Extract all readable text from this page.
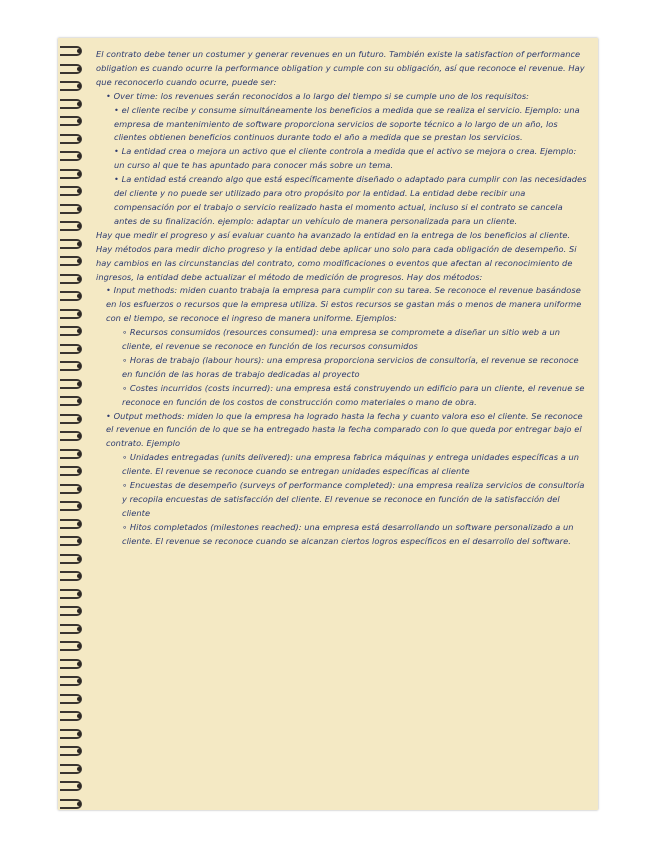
El contrato debe tener un costumer y generar revenues en un futuro. También existe la satisfaction of performance obligation es cuando ocurre la performance obligation y cumple con su obligación, así que reconoce el revenue. Hay que reconocerlo cuando ocurre, puede ser:

• Over time: los revenues serán reconocidos a lo largo del tiempo si se cumple uno de los requisitos:

• el cliente recibe y consume simultáneamente los beneficios a medida que se realiza el servicio. Ejemplo: una empresa de mantenimiento de software proporciona servicios de soporte técnico a lo largo de un año, los clientes obtienen beneficios continuos durante todo el año a medida que se prestan los servicios.

• La entidad crea o mejora un activo que el cliente controla a medida que el activo se mejora o crea. Ejemplo: un curso al que te has apuntado para conocer más sobre un tema.

• La entidad está creando algo que está específicamente diseñado o adaptado para cumplir con las necesidades del cliente y no puede ser utilizado para otro propósito por la entidad. La entidad debe recibir una compensación por el trabajo o servicio realizado hasta el momento actual, incluso si el contrato se cancela antes de su finalización. ejemplo: adaptar un vehículo de manera personalizada para un cliente.

Hay que medir el progreso y así evaluar cuanto ha avanzado la entidad en la entrega de los beneficios al cliente. Hay métodos para medir dicho progreso y la entidad debe aplicar uno solo para cada obligación de desempeño. Si hay cambios en las circunstancias del contrato, como modificaciones o eventos que afectan al reconocimiento de ingresos, la entidad debe actualizar el método de medición de progresos. Hay dos métodos:

• Input methods: miden cuanto trabaja la empresa para cumplir con su tarea. Se reconoce el revenue basándose en los esfuerzos o recursos que la empresa utiliza. Si estos recursos se gastan más o menos de manera uniforme con el tiempo, se reconoce el ingreso de manera uniforme. Ejemplos:

∘ Recursos consumidos (resources consumed): una empresa se compromete a diseñar un sitio web a un cliente, el revenue se reconoce en función de los recursos consumidos

∘ Horas de trabajo (labour hours): una empresa proporciona servicios de consultoría, el revenue se reconoce en función de las horas de trabajo dedicadas al proyecto

∘ Costes incurridos (costs incurred): una empresa está construyendo un edificio para un cliente, el revenue se reconoce en función de los costos de construcción como materiales o mano de obra.

• Output methods: miden lo que la empresa ha logrado hasta la fecha y cuanto valora eso el cliente. Se reconoce el revenue en función de lo que se ha entregado hasta la fecha comparado con lo que queda por entregar bajo el contrato. Ejemplo

∘ Unidades entregadas (units delivered): una empresa fabrica máquinas y entrega unidades específicas a un cliente. El revenue se reconoce cuando se entregan unidades específicas al cliente

∘ Encuestas de desempeño (surveys of performance completed): una empresa realiza servicios de consultoría y recopila encuestas de satisfacción del cliente. El revenue se reconoce en función de la satisfacción del cliente

∘ Hitos completados (milestones reached): una empresa está desarrollando un software personalizado a un cliente. El revenue se reconoce cuando se alcanzan ciertos logros específicos en el desarrollo del software.
